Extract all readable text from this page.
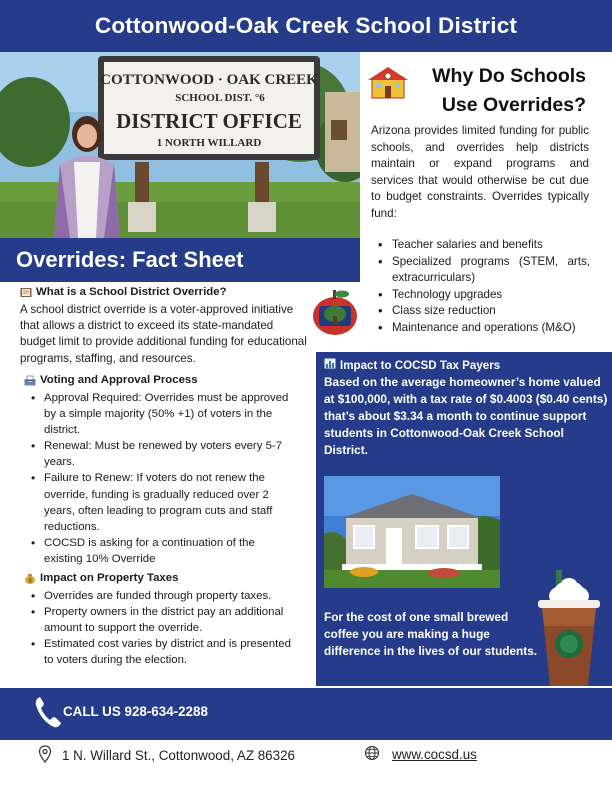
Cottonwood-Oak Creek School District
COTTONWOOD · OAK CREEK
SCHOOL DIST. °6
DISTRICT OFFICE
1 NORTH WILLARD
Overrides: Fact Sheet
Why Do Schools
Use Overrides?

Arizona provides limited funding for public schools, and overrides help districts maintain or expand programs and services that would otherwise be cut due to budget constraints. Overrides typically fund:

• Teacher salaries and benefits
• Specialized programs (STEM, arts, extracurriculars)
• Technology upgrades
• Class size reduction
• Maintenance and operations (M&O)
What is a School District Override?

A school district override is a voter-approved initiative that allows a district to exceed its state-mandated budget limit to provide additional funding for educational programs, staffing, and resources.

Voting and Approval Process
• Approval Required: Overrides must be approved by a simple majority (50% +1) of voters in the district.
• Renewal: Must be renewed by voters every 5-7 years.
• Failure to Renew: If voters do not renew the override, funding is gradually reduced over 2 years, often leading to program cuts and staff reductions.
• COCSD is asking for a continuation of the existing 10% Override
$ Impact on Property Taxes
• Overrides are funded through property taxes.
• Property owners in the district pay an additional amount to support the override.
• Estimated cost varies by district and is presented to voters during the election.
Impact to COCSD Tax Payers

Based on the average homeowner’s home valued at $100,000, with a tax rate of $0.4003 ($0.40 cents) that’s about $3.34 a month to continue support students in Cottonwood-Oak Creek School District.

For the cost of one small brewed coffee you are making a huge difference in the lives of our students.

CALL US 928-634-2288
1 N. Willard St., Cottonwood, AZ 86326	www.cocsd.us
